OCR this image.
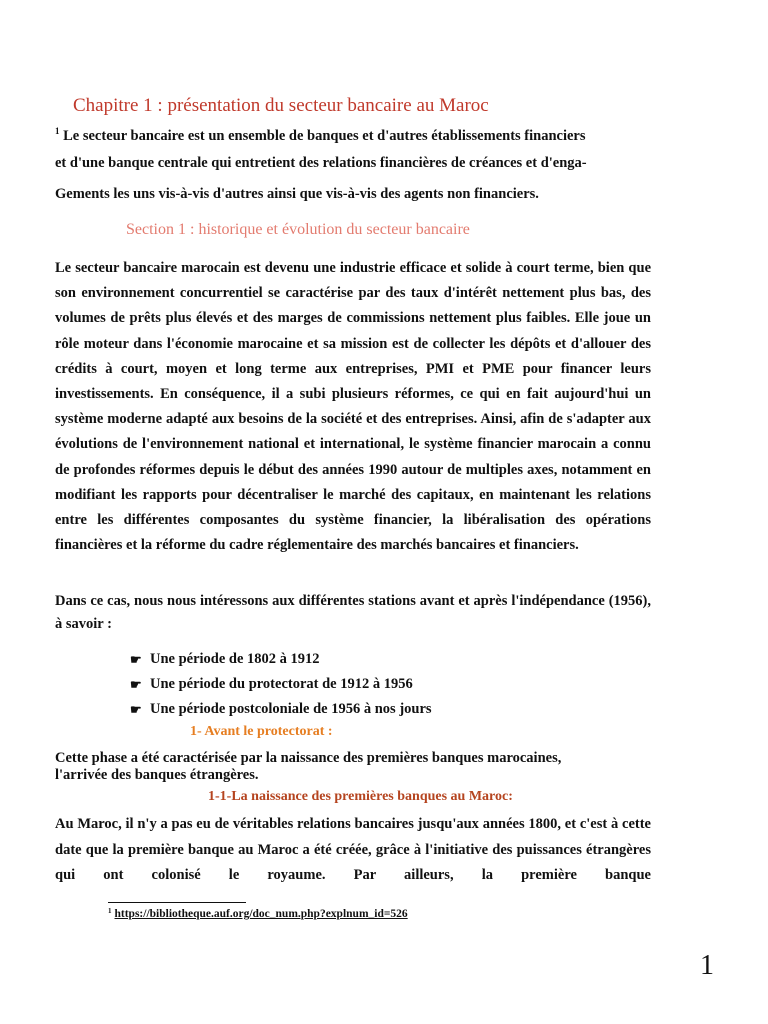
Chapitre 1 : présentation du secteur bancaire au Maroc
$^1$ Le secteur bancaire est un ensemble de banques et d'autres établissements financiers
et d'une banque centrale qui entretient des relations financières de créances et d'enga-
Gements les uns vis-à-vis d'autres ainsi que vis-à-vis des agents non financiers.
Section 1 : historique et évolution du secteur bancaire
Le secteur bancaire marocain est devenu une industrie efficace et solide à court terme, bien que son environnement concurrentiel se caractérise par des taux d'intérêt nettement plus bas, des volumes de prêts plus élevés et des marges de commissions nettement plus faibles. Elle joue un rôle moteur dans l'économie marocaine et sa mission est de collecter les dépôts et d'allouer des crédits à court, moyen et long terme aux entreprises, PMI et PME pour financer leurs investissements. En conséquence, il a subi plusieurs réformes, ce qui en fait aujourd'hui un système moderne adapté aux besoins de la société et des entreprises. Ainsi, afin de s'adapter aux évolutions de l'environnement national et international, le système financier marocain a connu de profondes réformes depuis le début des années 1990 autour de multiples axes, notamment en modifiant les rapports pour décentraliser le marché des capitaux, en maintenant les relations entre les différentes composantes du système financier, la libéralisation des opérations financières et la réforme du cadre réglementaire des marchés bancaires et financiers.
Dans ce cas, nous nous intéressons aux différentes stations avant et après l'indépendance (1956), à savoir :
☛ Une période de 1802 à 1912
☛ Une période du protectorat de 1912 à 1956
☛ Une période postcoloniale de 1956 à nos jours
1- Avant le protectorat :
Cette phase a été caractérisée par la naissance des premières banques marocaines,
l'arrivée des banques étrangères.
1-1-La naissance des premières banques au Maroc:
Au Maroc, il n'y a pas eu de véritables relations bancaires jusqu'aux années 1800, et c'est à cette date que la première banque au Maroc a été créée, grâce à l'initiative des puissances étrangères qui ont colonisé le royaume. Par ailleurs, la première banque
$^1$ https://bibliotheque.auf.org/doc_num.php?explnum_id=526
1
